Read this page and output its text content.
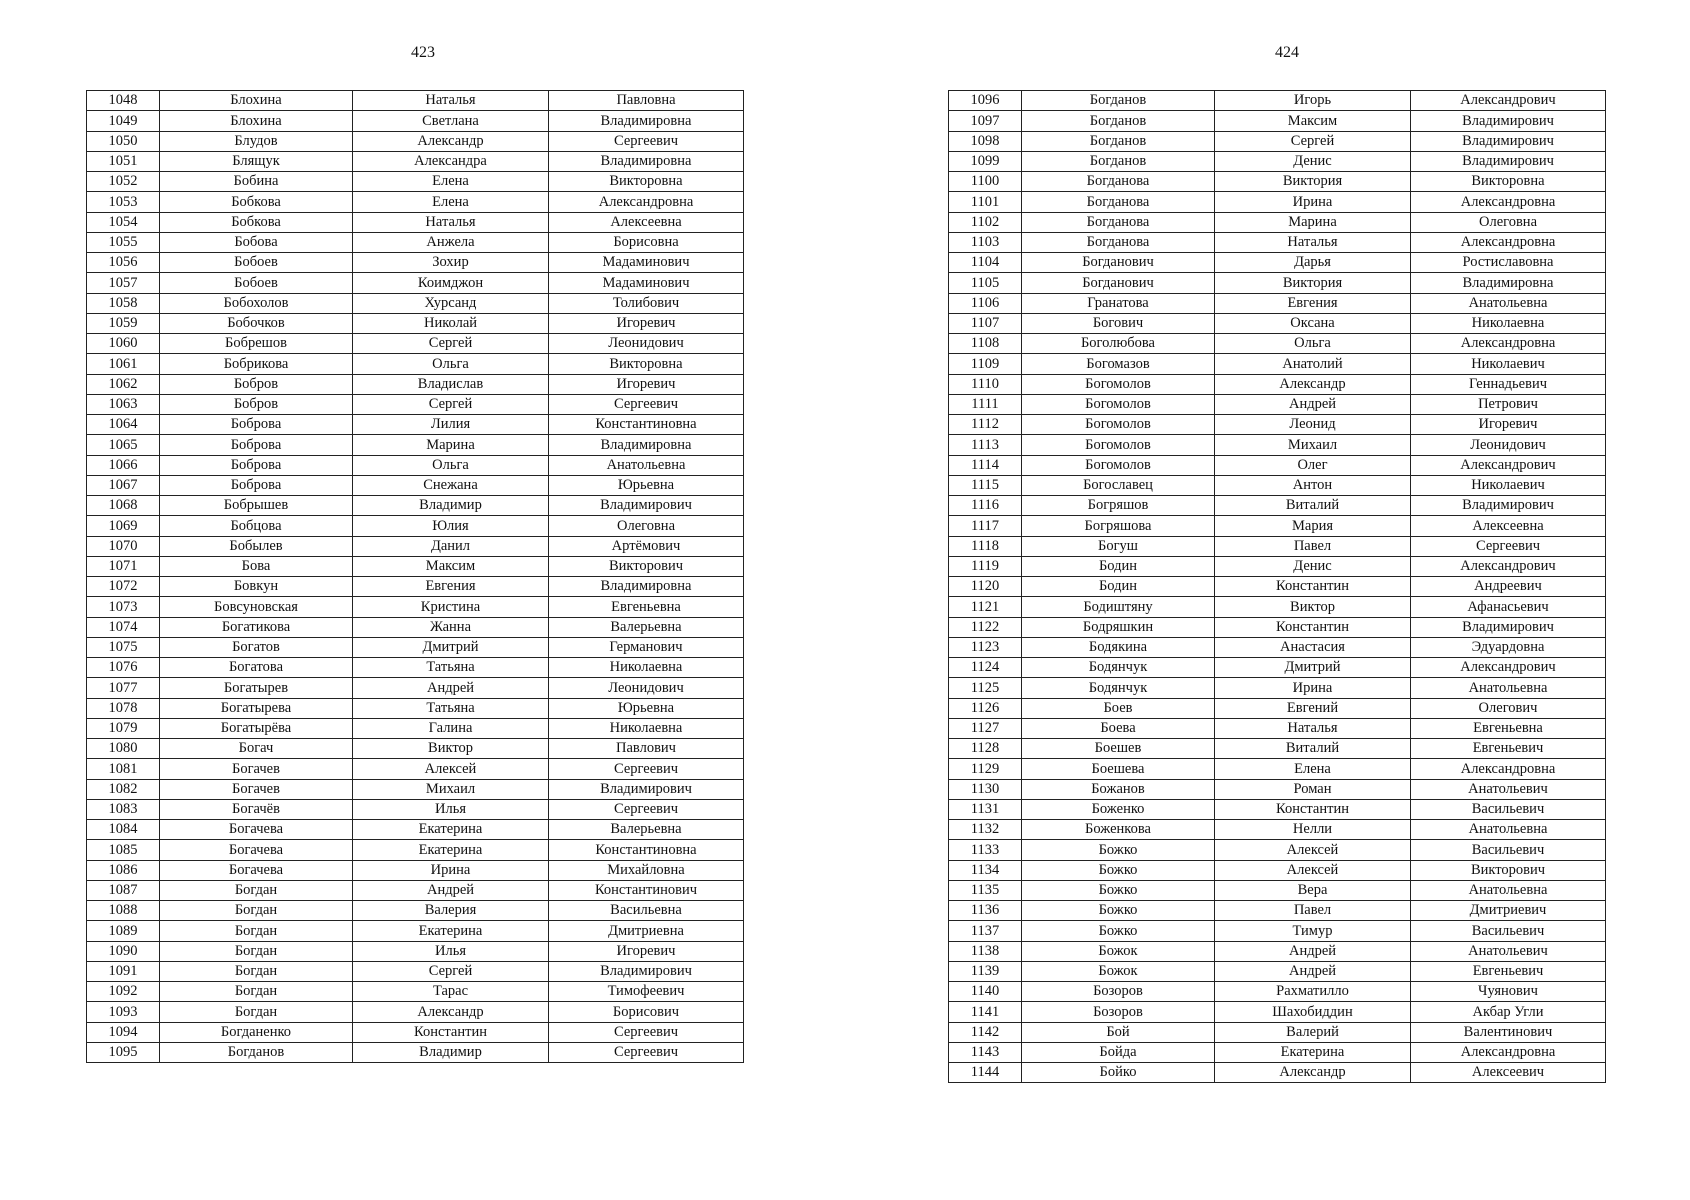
423
1048	Блохина	Наталья	Павловна
1049	Блохина	Светлана	Владимировна
1050	Блудов	Александр	Сергеевич
1051	Блящук	Александра	Владимировна
1052	Бобина	Елена	Викторовна
1053	Бобкова	Елена	Александровна
1054	Бобкова	Наталья	Алексеевна
1055	Бобова	Анжела	Борисовна
1056	Бобоев	Зохир	Мадаминович
1057	Бобоев	Коимджон	Мадаминович
1058	Бобохолов	Хурсанд	Толибович
1059	Бобочков	Николай	Игоревич
1060	Бобрешов	Сергей	Леонидович
1061	Бобрикова	Ольга	Викторовна
1062	Бобров	Владислав	Игоревич
1063	Бобров	Сергей	Сергеевич
1064	Боброва	Лилия	Константиновна
1065	Боброва	Марина	Владимировна
1066	Боброва	Ольга	Анатольевна
1067	Боброва	Снежана	Юрьевна
1068	Бобрышев	Владимир	Владимирович
1069	Бобцова	Юлия	Олеговна
1070	Бобылев	Данил	Артёмович
1071	Бова	Максим	Викторович
1072	Бовкун	Евгения	Владимировна
1073	Бовсуновская	Кристина	Евгеньевна
1074	Богатикова	Жанна	Валерьевна
1075	Богатов	Дмитрий	Германович
1076	Богатова	Татьяна	Николаевна
1077	Богатырев	Андрей	Леонидович
1078	Богатырева	Татьяна	Юрьевна
1079	Богатырёва	Галина	Николаевна
1080	Богач	Виктор	Павлович
1081	Богачев	Алексей	Сергеевич
1082	Богачев	Михаил	Владимирович
1083	Богачёв	Илья	Сергеевич
1084	Богачева	Екатерина	Валерьевна
1085	Богачева	Екатерина	Константиновна
1086	Богачева	Ирина	Михайловна
1087	Богдан	Андрей	Константинович
1088	Богдан	Валерия	Васильевна
1089	Богдан	Екатерина	Дмитриевна
1090	Богдан	Илья	Игоревич
1091	Богдан	Сергей	Владимирович
1092	Богдан	Тарас	Тимофеевич
1093	Богдан	Александр	Борисович
1094	Богданенко	Константин	Сергеевич
1095	Богданов	Владимир	Сергеевич
424
1096	Богданов	Игорь	Александрович
1097	Богданов	Максим	Владимирович
1098	Богданов	Сергей	Владимирович
1099	Богданов	Денис	Владимирович
1100	Богданова	Виктория	Викторовна
1101	Богданова	Ирина	Александровна
1102	Богданова	Марина	Олеговна
1103	Богданова	Наталья	Александровна
1104	Богданович	Дарья	Ростиславовна
1105	Богданович	Виктория	Владимировна
1106	Гранатова	Евгения	Анатольевна
1107	Богович	Оксана	Николаевна
1108	Боголюбова	Ольга	Александровна
1109	Богомазов	Анатолий	Николаевич
1110	Богомолов	Александр	Геннадьевич
1111	Богомолов	Андрей	Петрович
1112	Богомолов	Леонид	Игоревич
1113	Богомолов	Михаил	Леонидович
1114	Богомолов	Олег	Александрович
1115	Богославец	Антон	Николаевич
1116	Богряшов	Виталий	Владимирович
1117	Богряшова	Мария	Алексеевна
1118	Богуш	Павел	Сергеевич
1119	Бодин	Денис	Александрович
1120	Бодин	Константин	Андреевич
1121	Бодиштяну	Виктор	Афанасьевич
1122	Бодряшкин	Константин	Владимирович
1123	Бодякина	Анастасия	Эдуардовна
1124	Бодянчук	Дмитрий	Александрович
1125	Бодянчук	Ирина	Анатольевна
1126	Боев	Евгений	Олегович
1127	Боева	Наталья	Евгеньевна
1128	Боешев	Виталий	Евгеньевич
1129	Боешева	Елена	Александровна
1130	Божанов	Роман	Анатольевич
1131	Боженко	Константин	Васильевич
1132	Боженкова	Нелли	Анатольевна
1133	Божко	Алексей	Васильевич
1134	Божко	Алексей	Викторович
1135	Божко	Вера	Анатольевна
1136	Божко	Павел	Дмитриевич
1137	Божко	Тимур	Васильевич
1138	Божок	Андрей	Анатольевич
1139	Божок	Андрей	Евгеньевич
1140	Бозоров	Рахматилло	Чуянович
1141	Бозоров	Шахобиддин	Акбар Угли
1142	Бой	Валерий	Валентинович
1143	Бойда	Екатерина	Александровна
1144	Бойко	Александр	Алексеевич
